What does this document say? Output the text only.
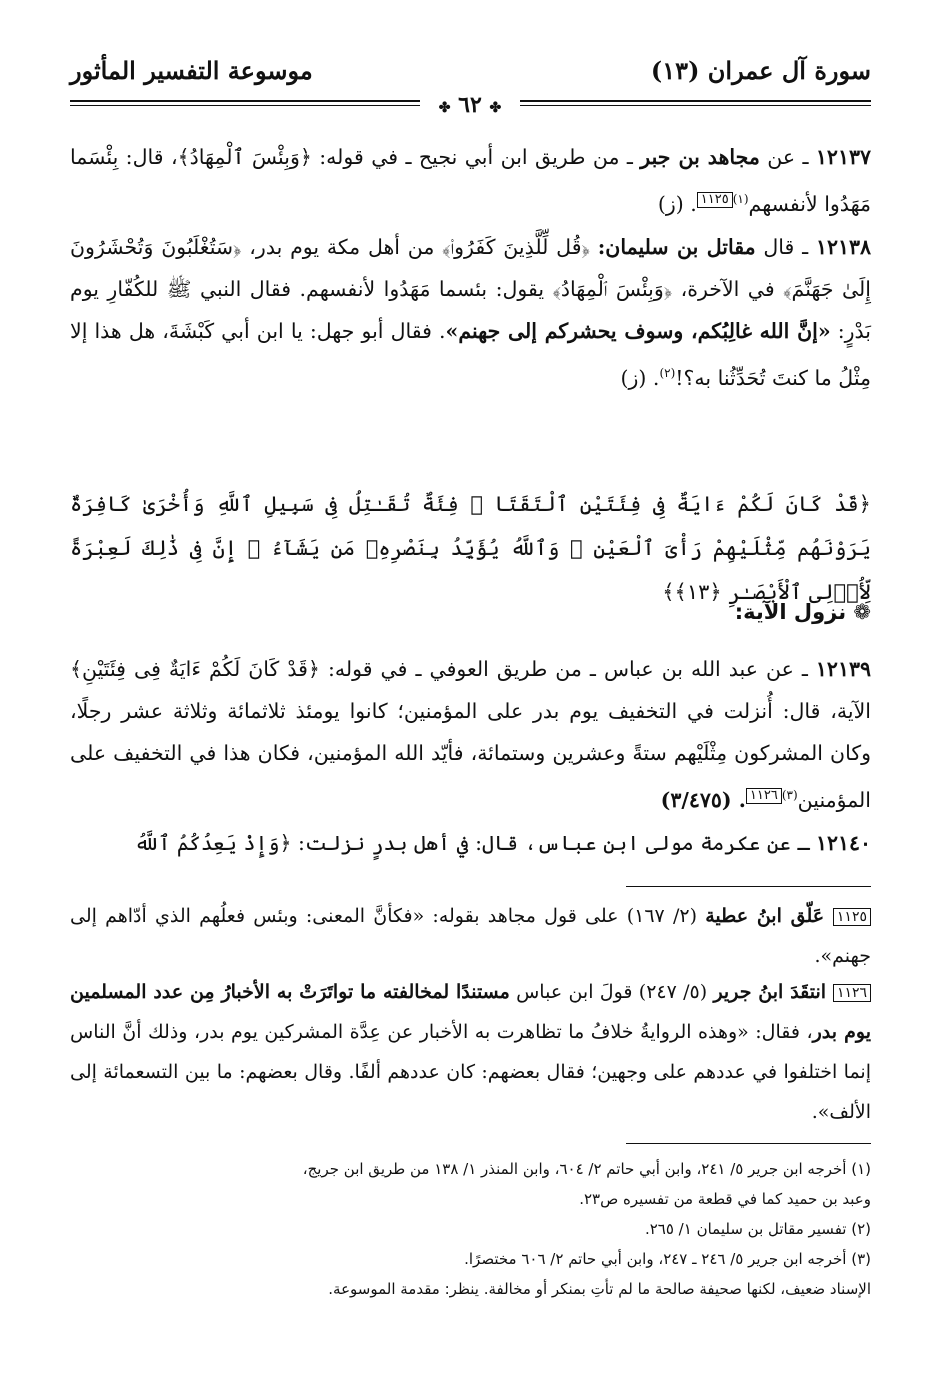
سورة آل عمران (١٣)
موسوعة التفسير المأثور
✤ ٦٢ ✤
١٢١٣٧ ـ عن مجاهد بن جبر ـ من طريق ابن أبي نجيح ـ في قوله: ﴿وَبِئْسَ ٱلْمِهَادُ﴾، قال: بِئْسَما مَهَدُوا لأنفسهم$^{(١)}$١١٢٥. (ز)
١٢١٣٨ ـ قال مقاتل بن سليمان: ﴿قُل لِّلَّذِينَ كَفَرُوا۟﴾ من أهل مكة يوم بدر، ﴿سَتُغْلَبُونَ وَتُحْشَرُونَ إِلَىٰ جَهَنَّمَ﴾ في الآخرة، ﴿وَبِئْسَ ٱلْمِهَادُ﴾ يقول: بئسما مَهَدُوا لأنفسهم. فقال النبي ﷺ للكُفّارِ يوم بَدْرٍ: «إنَّ الله غالِبُكم، وسوف يحشركم إلى جهنم». فقال أبو جهل: يا ابن أبي كَبْشَةَ، هل هذا إلا مِثْلُ ما كنتَ تُحَدِّثُنا به؟!$^{(٢)}$. (ز)
﴿قَدْ كَانَ لَكُمْ ءَايَةٌ فِى فِئَتَيْنِ ٱلْتَقَتَا ۖ فِئَةٌ تُقَـٰتِلُ فِى سَبِيلِ ٱللَّهِ وَأُخْرَىٰ كَافِرَةٌ يَرَوْنَهُم مِّثْلَيْهِمْ رَأْىَ ٱلْعَيْنِ ۚ وَٱللَّهُ يُؤَيِّدُ بِنَصْرِهِۦ مَن يَشَآءُ ۗ إِنَّ فِى ذَٰلِكَ لَعِبْرَةً لِّأُو۟لِى ٱلْأَبْصَـٰرِ ﴿١٣﴾﴾
❁ نزول الآية:
١٢١٣٩ ـ عن عبد الله بن عباس ـ من طريق العوفي ـ في قوله: ﴿قَدْ كَانَ لَكُمْ ءَايَةٌ فِى فِئَتَيْنِ﴾ الآية، قال: أُنزلت في التخفيف يوم بدر على المؤمنين؛ كانوا يومئذ ثلاثمائة وثلاثة عشر رجلًا، وكان المشركون مِثْلَيْهم ستةً وعشرين وستمائة، فأيّد الله المؤمنين، فكان هذا في التخفيف على المؤمنين$^{(٣)}$١١٢٦. (٣/٤٧٥)
١٢١٤٠ ـ عن عكرمة مولى ابن عباس، قال: في أهل بدرٍ نزلت: ﴿وَإِذْ يَعِدُكُمُ ٱللَّهُ
١١٢٥ عَلّق ابنُ عطية (٢/ ١٦٧) على قول مجاهد بقوله: «فكأنَّ المعنى: وبئس فعلُهم الذي أدّاهم إلى جهنم».
١١٢٦ انتقَدَ ابنُ جرير (٥/ ٢٤٧) قولَ ابن عباس مستندًا لمخالفته ما تواتَرَتْ به الأخبارُ مِن عدد المسلمين يوم بدر، فقال: «وهذه الروايةُ خلافُ ما تظاهرت به الأخبار عن عِدَّة المشركين يوم بدر، وذلك أنَّ الناس إنما اختلفوا في عددهم على وجهين؛ فقال بعضهم: كان عددهم ألفًا. وقال بعضهم: ما بين التسعمائة إلى الألف».
(١) أخرجه ابن جرير ٥/ ٢٤١، وابن أبي حاتم ٢/ ٦٠٤، وابن المنذر ١/ ١٣٨ من طريق ابن جريج،
وعبد بن حميد كما في قطعة من تفسيره ص٢٣.
(٢) تفسير مقاتل بن سليمان ١/ ٢٦٥.
(٣) أخرجه ابن جرير ٥/ ٢٤٦ ـ ٢٤٧، وابن أبي حاتم ٢/ ٦٠٦ مختصرًا.
الإسناد ضعيف، لكنها صحيفة صالحة ما لم تأتِ بمنكر أو مخالفة. ينظر: مقدمة الموسوعة.
